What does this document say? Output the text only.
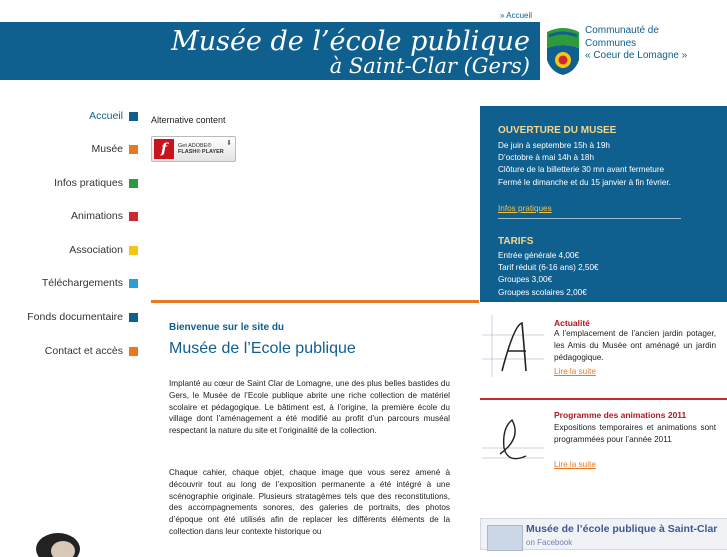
» Accueil
Musée de l’école publique
à Saint-Clar (Gers)
Communauté de
Communes
« Coeur de Lomagne »
Accueil
Musée
Infos pratiques
Animations
Association
Téléchargements
Fonds documentaire
Contact et accès
Alternative content
f	Get ADOBE®
FLASH® PLAYER
⬇
Bienvenue sur le site du
Musée de l’Ecole publique

Implanté au cœur de Saint Clar de Lomagne, une des plus belles bastides du Gers, le Musée de l’Ecole publique abrite une riche collection de matériel scolaire et pédagogique. Le bâtiment est, à l’origine, la première école du village dont l’aménagement a été modifié au profit d’un parcours muséal respectant la nature du site et l’originalité de la collection.

Chaque cahier, chaque objet, chaque image que vous serez amené à découvrir tout au long de l’exposition permanente a été intégré à une scénographie originale. Plusieurs stratagèmes tels que des reconstitutions, des accompagnements sonores, des galeries de portraits, des photos d’époque ont été utilisés afin de replacer les différents éléments de la collection dans leur contexte historique ou

OUVERTURE DU MUSEE
De juin à septembre 15h à 19h
D’octobre à mai 14h à 18h
Clôture de la billetterie 30 mn avant fermeture
Fermé le dimanche et du 15 janvier à fin février.
Infos pratiques
TARIFS
Entrée générale 4,00€
Tarif réduit (6-16 ans) 2,50€
Groupes 3,00€
Groupes scolaires 2,00€
Actualité
A l’emplacement de l’ancien jardin potager, les Amis du Musée ont aménagé un jardin pédagogique.
Lire la suite
Programme des animations 2011
Expositions temporaires et animations sont programmées pour l’année 2011
Lire la suite
Musée de l’école publique à Saint-Clar on Facebook
